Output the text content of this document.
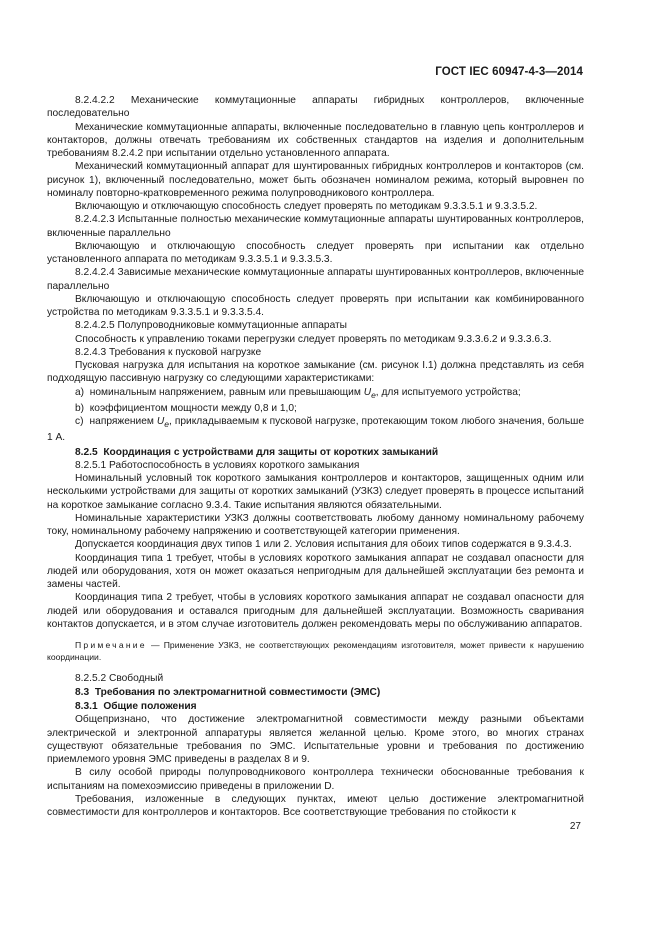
ГОСТ IEC 60947-4-3—2014

8.2.4.2.2 Механические коммутационные аппараты гибридных контроллеров, включенные последовательно

Механические коммутационные аппараты, включенные последовательно в главную цепь контроллеров и контакторов, должны отвечать требованиям их собственных стандартов на изделия и дополнительным требованиям 8.2.4.2 при испытании отдельно установленного аппарата.

Механический коммутационный аппарат для шунтированных гибридных контроллеров и контакторов (см. рисунок 1), включенный последовательно, может быть обозначен номиналом режима, который выровнен по номиналу повторно-кратковременного режима полупроводникового контроллера.

Включающую и отключающую способность следует проверять по методикам 9.3.3.5.1 и 9.3.3.5.2.

8.2.4.2.3 Испытанные полностью механические коммутационные аппараты шунтированных контроллеров, включенные параллельно

Включающую и отключающую способность следует проверять при испытании как отдельно установленного аппарата по методикам 9.3.3.5.1 и 9.3.3.5.3.

8.2.4.2.4 Зависимые механические коммутационные аппараты шунтированных контроллеров, включенные параллельно

Включающую и отключающую способность следует проверять при испытании как комбинированного устройства по методикам 9.3.3.5.1 и 9.3.3.5.4.

8.2.4.2.5 Полупроводниковые коммутационные аппараты

Способность к управлению токами перегрузки следует проверять по методикам 9.3.3.6.2 и 9.3.3.6.3.

8.2.4.3 Требования к пусковой нагрузке

Пусковая нагрузка для испытания на короткое замыкание (см. рисунок I.1) должна представлять из себя подходящую пассивную нагрузку со следующими характеристиками:

a) номинальным напряжением, равным или превышающим $U_e$, для испытуемого устройства;

b) коэффициентом мощности между 0,8 и 1,0;

c) напряжением $U_e$, прикладываемым к пусковой нагрузке, протекающим током любого значения, больше 1 A.

8.2.5 Координация с устройствами для защиты от коротких замыканий

8.2.5.1 Работоспособность в условиях короткого замыкания

Номинальный условный ток короткого замыкания контроллеров и контакторов, защищенных одним или несколькими устройствами для защиты от коротких замыканий (УЗКЗ) следует проверять в процессе испытаний на короткое замыкание согласно 9.3.4. Такие испытания являются обязательными.

Номинальные характеристики УЗКЗ должны соответствовать любому данному номинальному рабочему току, номинальному рабочему напряжению и соответствующей категории применения.

Допускается координация двух типов 1 или 2. Условия испытания для обоих типов содержатся в 9.3.4.3.

Координация типа 1 требует, чтобы в условиях короткого замыкания аппарат не создавал опасности для людей или оборудования, хотя он может оказаться непригодным для дальнейшей эксплуатации без ремонта и замены частей.

Координация типа 2 требует, чтобы в условиях короткого замыкания аппарат не создавал опасности для людей или оборудования и оставался пригодным для дальнейшей эксплуатации. Возможность сваривания контактов допускается, и в этом случае изготовитель должен рекомендовать меры по обслуживанию аппаратов.

Примечание — Применение УЗКЗ, не соответствующих рекомендациям изготовителя, может привести к нарушению координации.

8.2.5.2 Свободный

8.3 Требования по электромагнитной совместимости (ЭМС)

8.3.1 Общие положения

Общепризнано, что достижение электромагнитной совместимости между разными объектами электрической и электронной аппаратуры является желанной целью. Кроме этого, во многих странах существуют обязательные требования по ЭМС. Испытательные уровни и требования по достижению приемлемого уровня ЭМС приведены в разделах 8 и 9.

В силу особой природы полупроводникового контроллера технически обоснованные требования к испытаниям на помехоэмиссию приведены в приложении D.

Требования, изложенные в следующих пунктах, имеют целью достижение электромагнитной совместимости для контроллеров и контакторов. Все соответствующие требования по стойкости к

27
